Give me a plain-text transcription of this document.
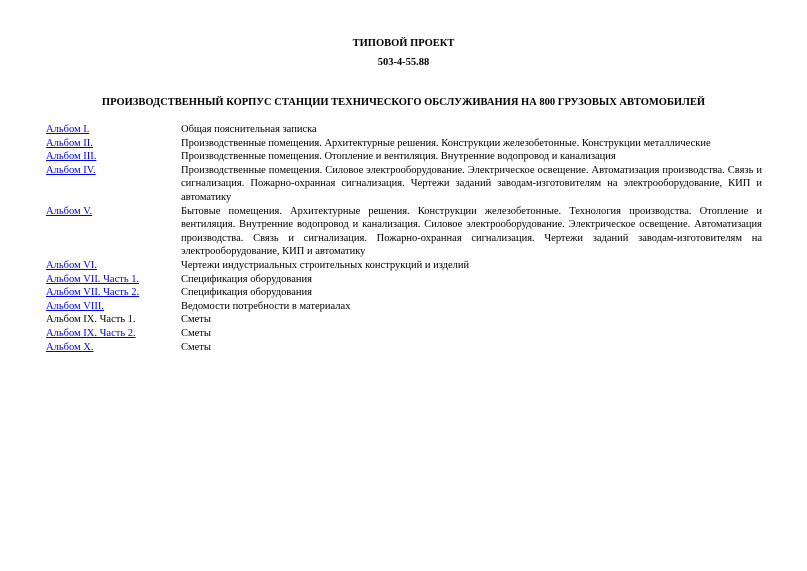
ТИПОВОЙ ПРОЕКТ
503-4-55.88
ПРОИЗВОДСТВЕННЫЙ КОРПУС СТАНЦИИ ТЕХНИЧЕСКОГО ОБСЛУЖИВАНИЯ НА 800 ГРУЗОВЫХ АВТОМОБИЛЕЙ
Альбом I.	Общая пояснительная записка
Альбом II.	Производственные помещения. Архитектурные решения. Конструкции железобетонные. Конструкции металлические
Альбом III.	Производственные помещения. Отопление и вентиляция. Внутренние водопровод и канализация
Альбом IV.	Производственные помещения. Силовое электрооборудование. Электрическое освещение. Автоматизация производства. Связь и сигнализация. Пожарно-охранная сигнализация. Чертежи заданий заводам-изготовителям на электрооборудование, КИП и автоматику
Альбом V.	Бытовые помещения. Архитектурные решения. Конструкции железобетонные. Технология производства. Отопление и вентиляция. Внутренние водопровод и канализация. Силовое электрооборудование. Электрическое освещение. Автоматизация производства. Связь и сигнализация. Пожарно-охранная сигнализация. Чертежи заданий заводам-изготовителям на электрооборудование, КИП и автоматику
Альбом VI.	Чертежи индустриальных строительных конструкций и изделий
Альбом VII. Часть 1.	Спецификация оборудования
Альбом VII. Часть 2.	Спецификация оборудования
Альбом VIII.	Ведомости потребности в материалах
Альбом IX. Часть 1.	Сметы
Альбом IX. Часть 2.	Сметы
Альбом X.	Сметы
